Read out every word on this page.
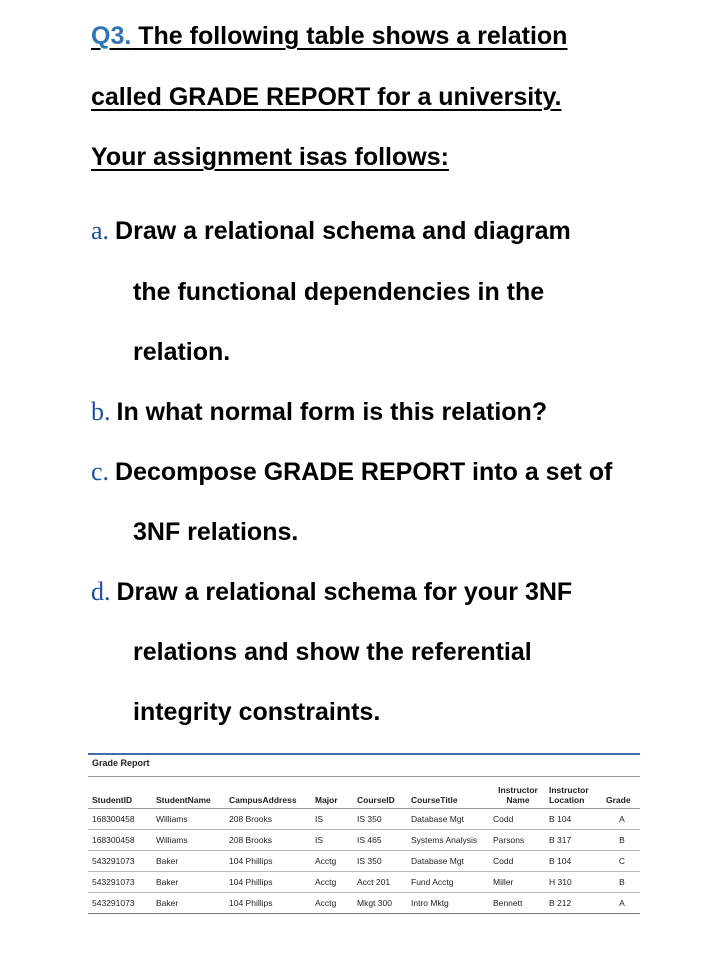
Q3. The following table shows a relation
called GRADE REPORT for a university.
Your assignment isas follows:
a. Draw a relational schema and diagram
the functional dependencies in the
relation.
b. In what normal form is this relation?
c. Decompose GRADE REPORT into a set of
3NF relations.
d. Draw a relational schema for your 3NF
relations and show the referential
integrity constraints.
Grade Report
StudentID	StudentName	CampusAddress	Major	CourseID	CourseTitle	Instructor Name	Instructor Location	Grade
168300458	Williams	208 Brooks	IS	IS 350	Database Mgt	Codd	B 104	A
168300458	Williams	208 Brooks	IS	IS 465	Systems Analysis	Parsons	B 317	B
543291073	Baker	104 Phillips	Acctg	IS 350	Database Mgt	Codd	B 104	C
543291073	Baker	104 Phillips	Acctg	Acct 201	Fund Acctg	Miller	H 310	B
543291073	Baker	104 Phillips	Acctg	Mkgt 300	Intro Mktg	Bennett	B 212	A
